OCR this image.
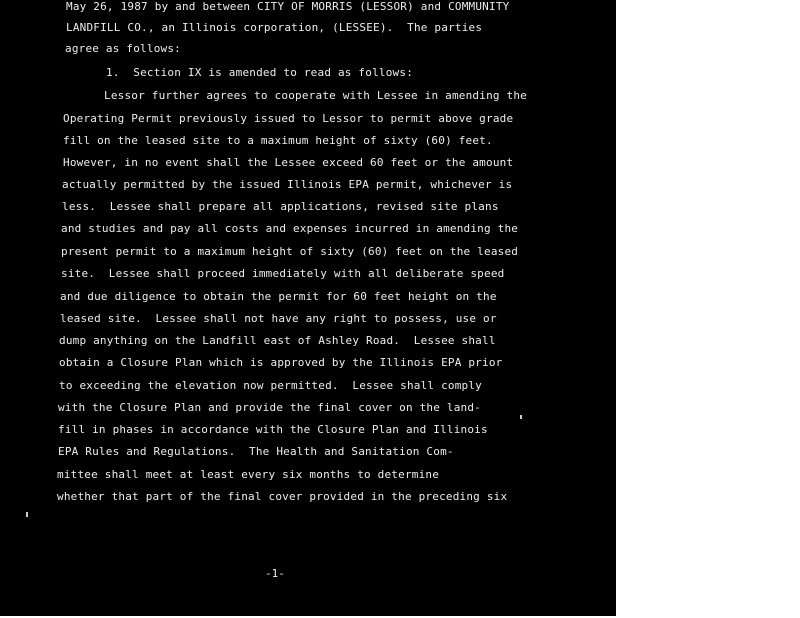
May 26, 1987 by and between CITY OF MORRIS (LESSOR) and COMMUNITY
LANDFILL CO., an Illinois corporation, (LESSEE).  The parties
agree as follows:
1.  Section IX is amended to read as follows:
Lessor further agrees to cooperate with Lessee in amending the
Operating Permit previously issued to Lessor to permit above grade
fill on the leased site to a maximum height of sixty (60) feet.
However, in no event shall the Lessee exceed 60 feet or the amount
actually permitted by the issued Illinois EPA permit, whichever is
less.  Lessee shall prepare all applications, revised site plans
and studies and pay all costs and expenses incurred in amending the
present permit to a maximum height of sixty (60) feet on the leased
site.  Lessee shall proceed immediately with all deliberate speed
and due diligence to obtain the permit for 60 feet height on the
leased site.  Lessee shall not have any right to possess, use or
dump anything on the Landfill east of Ashley Road.  Lessee shall
obtain a Closure Plan which is approved by the Illinois EPA prior
to exceeding the elevation now permitted.  Lessee shall comply
with the Closure Plan and provide the final cover on the land-
fill in phases in accordance with the Closure Plan and Illinois
EPA Rules and Regulations.  The Health and Sanitation Com-
mittee shall meet at least every six months to determine
whether that part of the final cover provided in the preceding six
-1-
